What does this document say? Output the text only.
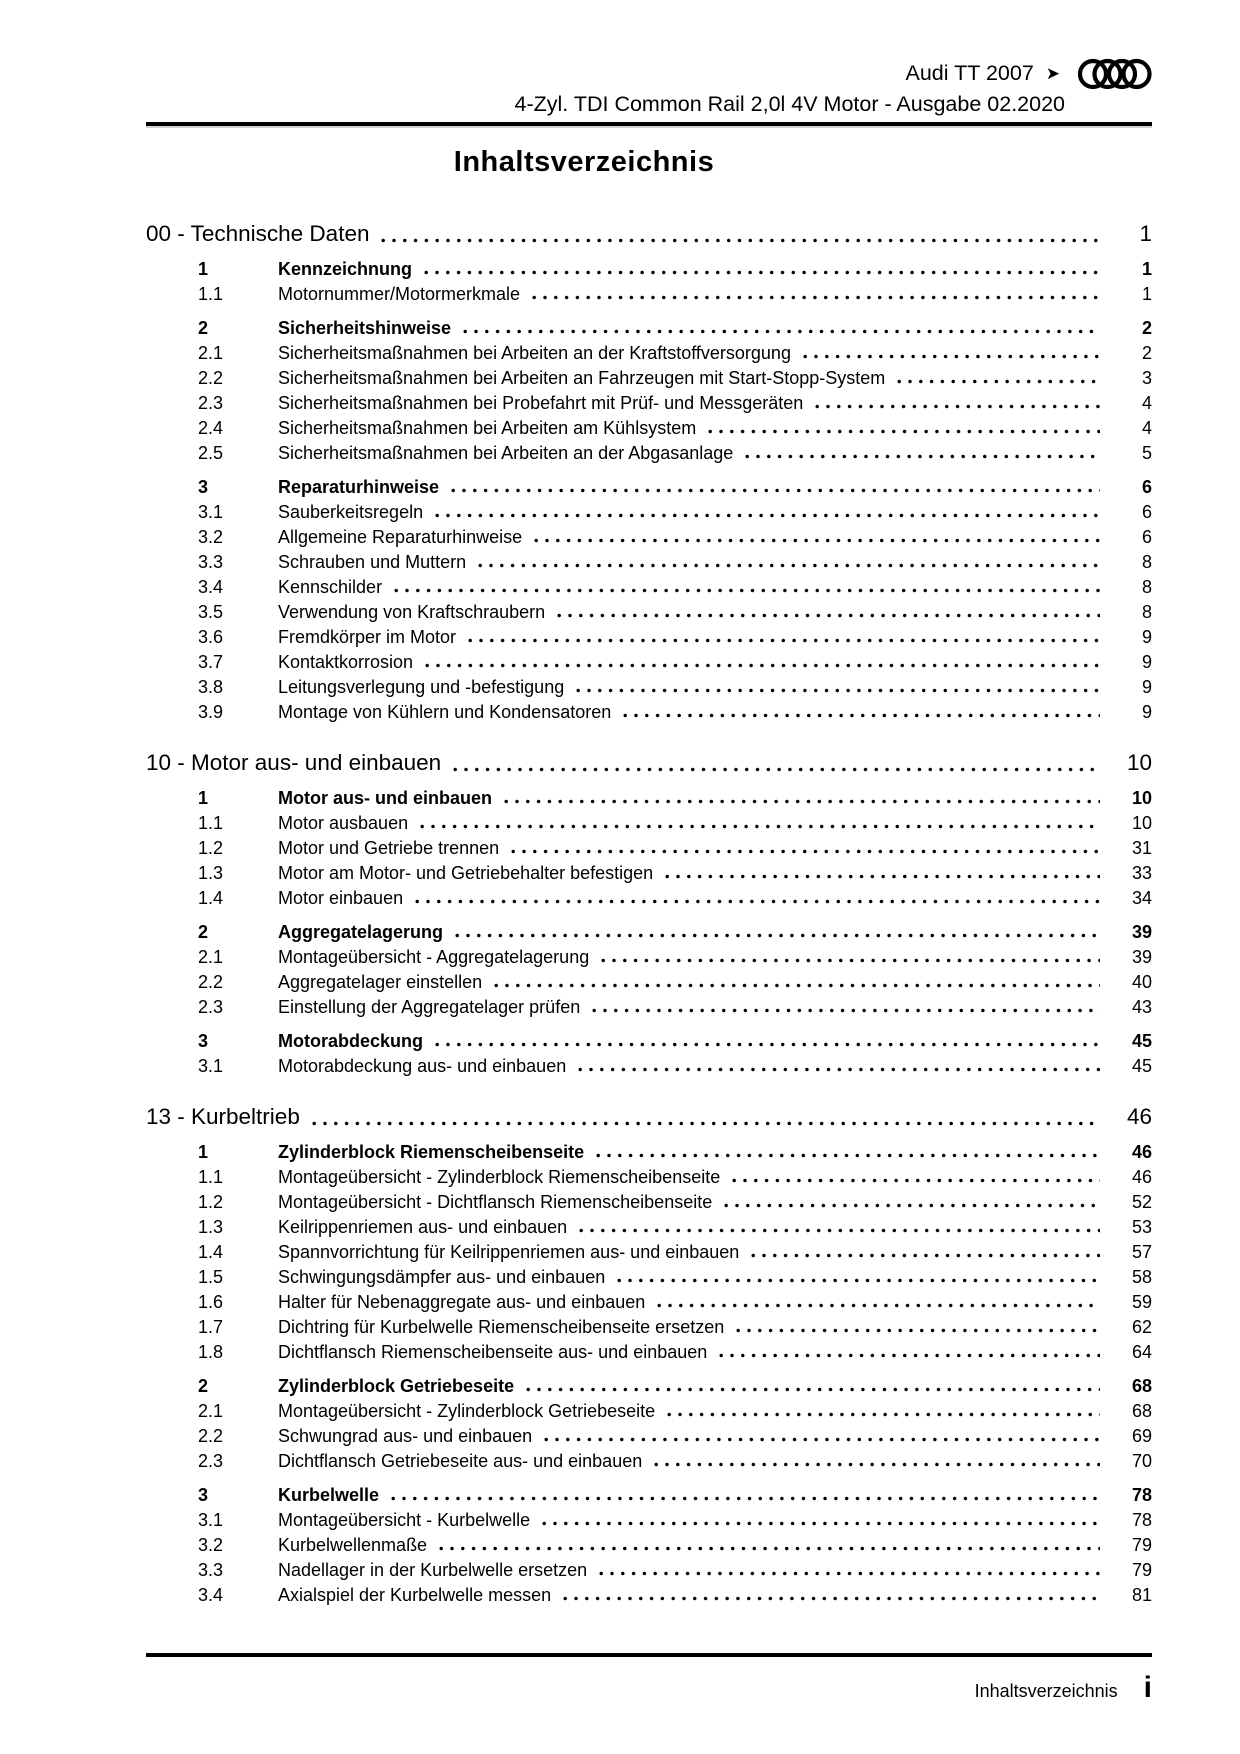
Audi TT 2007 ➤
4-Zyl. TDI Common Rail 2,0l 4V Motor - Ausgabe 02.2020
Inhaltsverzeichnis
00 - Technische Daten	1
1	Kennzeichnung	1
1.1	Motornummer/Motormerkmale	1
2	Sicherheitshinweise	2
2.1	Sicherheitsmaßnahmen bei Arbeiten an der Kraftstoffversorgung	2
2.2	Sicherheitsmaßnahmen bei Arbeiten an Fahrzeugen mit Start-Stopp-System	3
2.3	Sicherheitsmaßnahmen bei Probefahrt mit Prüf- und Messgeräten	4
2.4	Sicherheitsmaßnahmen bei Arbeiten am Kühlsystem	4
2.5	Sicherheitsmaßnahmen bei Arbeiten an der Abgasanlage	5
3	Reparaturhinweise	6
3.1	Sauberkeitsregeln	6
3.2	Allgemeine Reparaturhinweise	6
3.3	Schrauben und Muttern	8
3.4	Kennschilder	8
3.5	Verwendung von Kraftschraubern	8
3.6	Fremdkörper im Motor	9
3.7	Kontaktkorrosion	9
3.8	Leitungsverlegung und -befestigung	9
3.9	Montage von Kühlern und Kondensatoren	9
10 - Motor aus- und einbauen	10
1	Motor aus- und einbauen	10
1.1	Motor ausbauen	10
1.2	Motor und Getriebe trennen	31
1.3	Motor am Motor- und Getriebehalter befestigen	33
1.4	Motor einbauen	34
2	Aggregatelagerung	39
2.1	Montageübersicht - Aggregatelagerung	39
2.2	Aggregatelager einstellen	40
2.3	Einstellung der Aggregatelager prüfen	43
3	Motorabdeckung	45
3.1	Motorabdeckung aus- und einbauen	45
13 - Kurbeltrieb	46
1	Zylinderblock Riemenscheibenseite	46
1.1	Montageübersicht - Zylinderblock Riemenscheibenseite	46
1.2	Montageübersicht - Dichtflansch Riemenscheibenseite	52
1.3	Keilrippenriemen aus- und einbauen	53
1.4	Spannvorrichtung für Keilrippenriemen aus- und einbauen	57
1.5	Schwingungsdämpfer aus- und einbauen	58
1.6	Halter für Nebenaggregate aus- und einbauen	59
1.7	Dichtring für Kurbelwelle Riemenscheibenseite ersetzen	62
1.8	Dichtflansch Riemenscheibenseite aus- und einbauen	64
2	Zylinderblock Getriebeseite	68
2.1	Montageübersicht - Zylinderblock Getriebeseite	68
2.2	Schwungrad aus- und einbauen	69
2.3	Dichtflansch Getriebeseite aus- und einbauen	70
3	Kurbelwelle	78
3.1	Montageübersicht - Kurbelwelle	78
3.2	Kurbelwellenmaße	79
3.3	Nadellager in der Kurbelwelle ersetzen	79
3.4	Axialspiel der Kurbelwelle messen	81
Inhaltsverzeichnis i
